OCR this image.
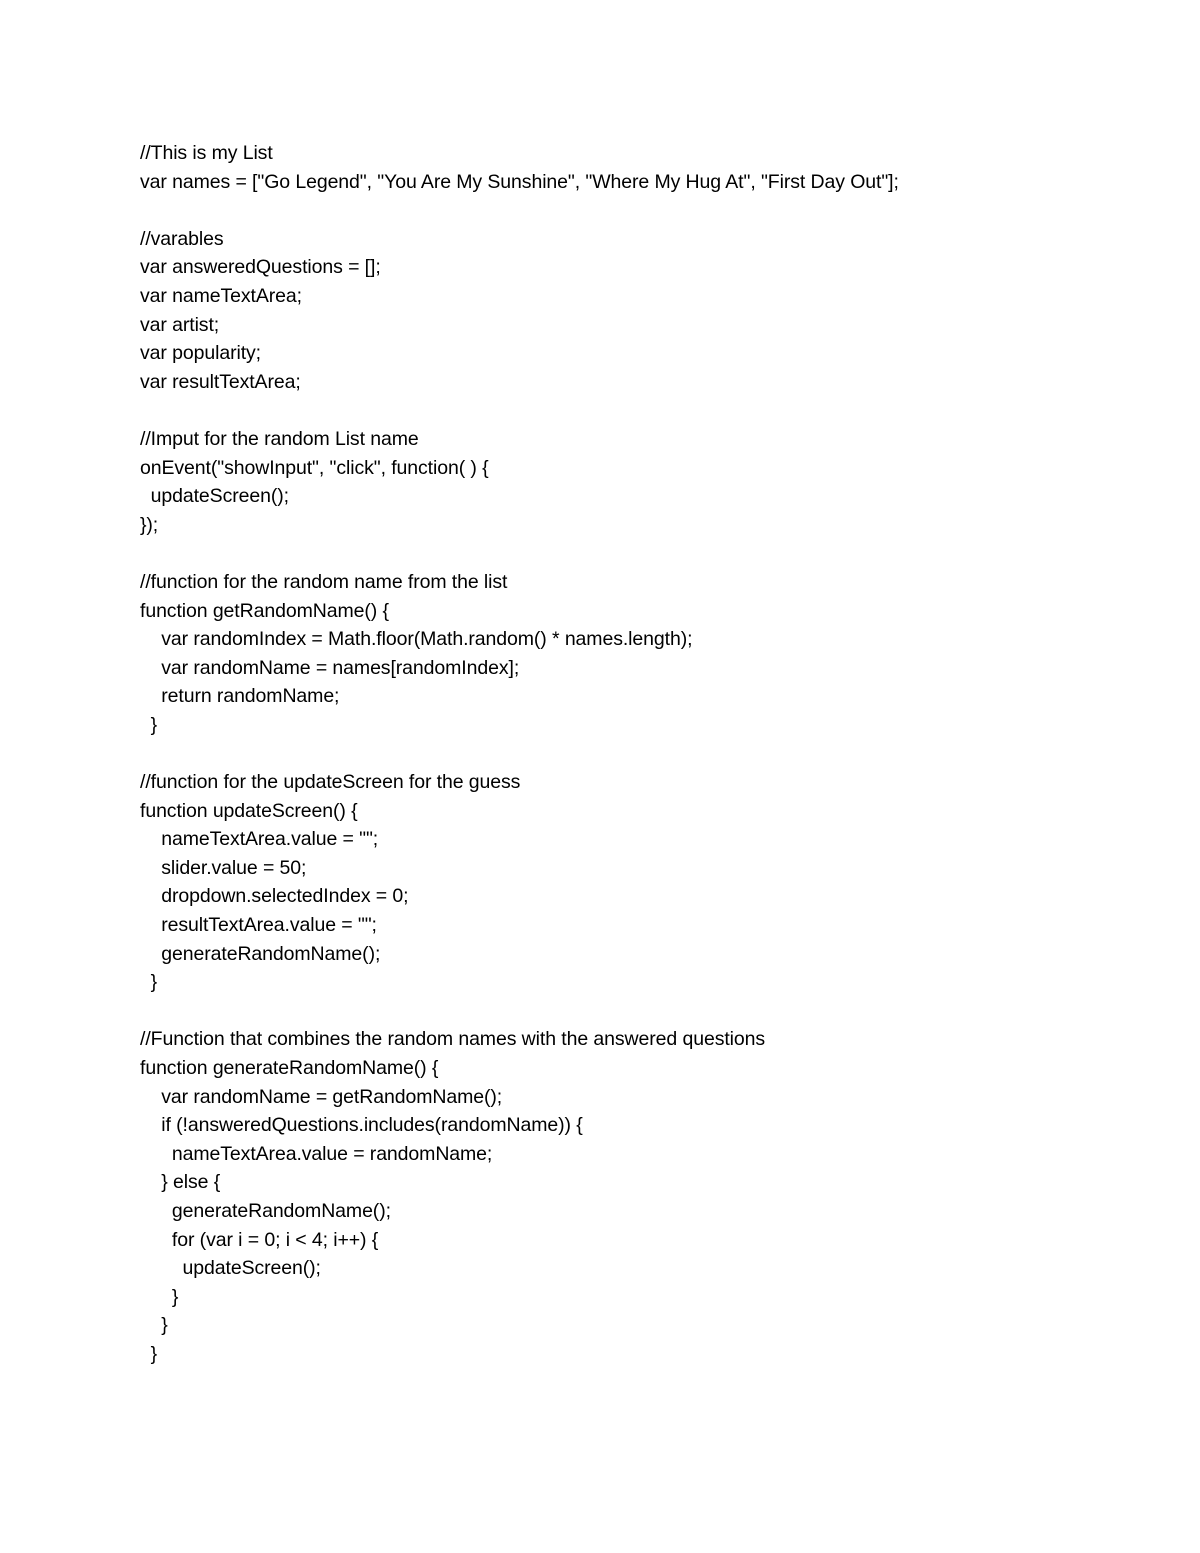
//This is my List
var names = ["Go Legend", "You Are My Sunshine", "Where My Hug At", "First Day Out"];
//varables
var answeredQuestions = [];
var nameTextArea;
var artist;
var popularity;
var resultTextArea;
//Imput for the random List name
onEvent("showInput", "click", function( ) {
updateScreen();
});
//function for the random name from the list
function getRandomName() {
var randomIndex = Math.floor(Math.random() * names.length);
var randomName = names[randomIndex];
return randomName;
}
//function for the updateScreen for the guess
function updateScreen() {
nameTextArea.value = "";
slider.value = 50;
dropdown.selectedIndex = 0;
resultTextArea.value = "";
generateRandomName();
}
//Function that combines the random names with the answered questions
function generateRandomName() {
var randomName = getRandomName();
if (!answeredQuestions.includes(randomName)) {
nameTextArea.value = randomName;
} else {
generateRandomName();
for (var i = 0; i < 4; i++) {
updateScreen();
}
}
}
